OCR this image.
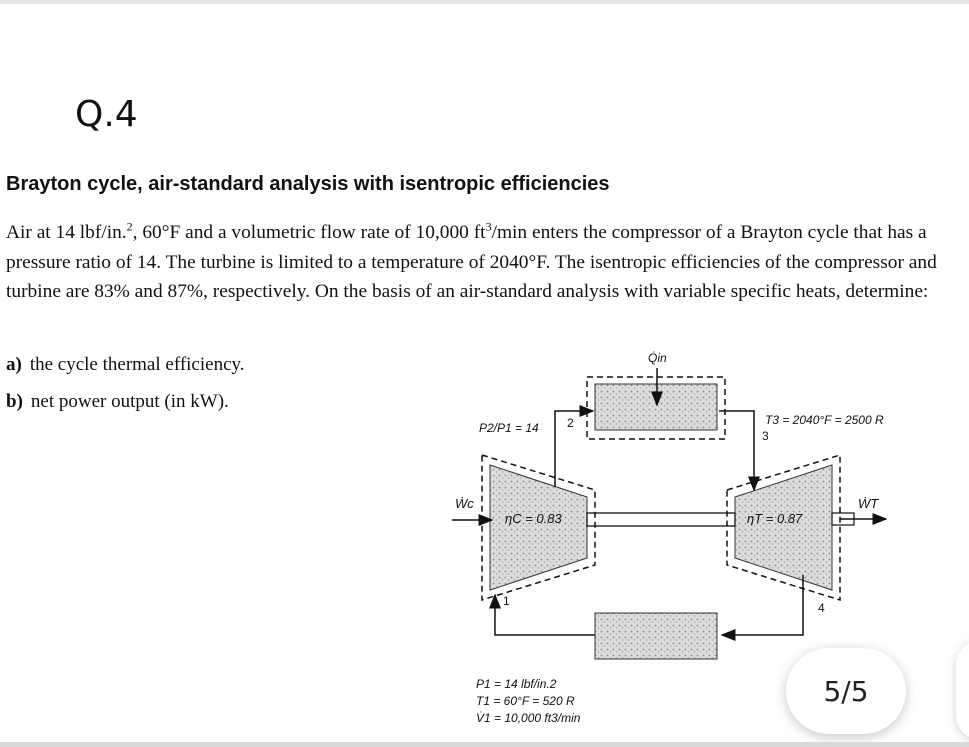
Q.4
Brayton cycle, air-standard analysis with isentropic efficiencies
Air at 14 lbf/in.$^2$, 60°F and a volumetric flow rate of 10,000 $ft^3/\min$ enters the compressor of a Brayton cycle that has a pressure ratio of 14. The turbine is limited to a temperature of 2040°F. The isentropic efficiencies of the compressor and turbine are 83% and 87%, respectively. On the basis of an air-standard analysis with variable specific heats, determine:
a) the cycle thermal efficiency.
b) net power output (in kW).
Q̇in
P2/P1 = 14 2	T3 = 2040°F = 2500 R
3
Ẇc	ẆT
ηC = 0.83	ηT = 0.87
4
1
P1 = 14 lbf/in.2
T1 = 60°F = 520 R
V̇1 = 10,000 ft3/min
5/5
